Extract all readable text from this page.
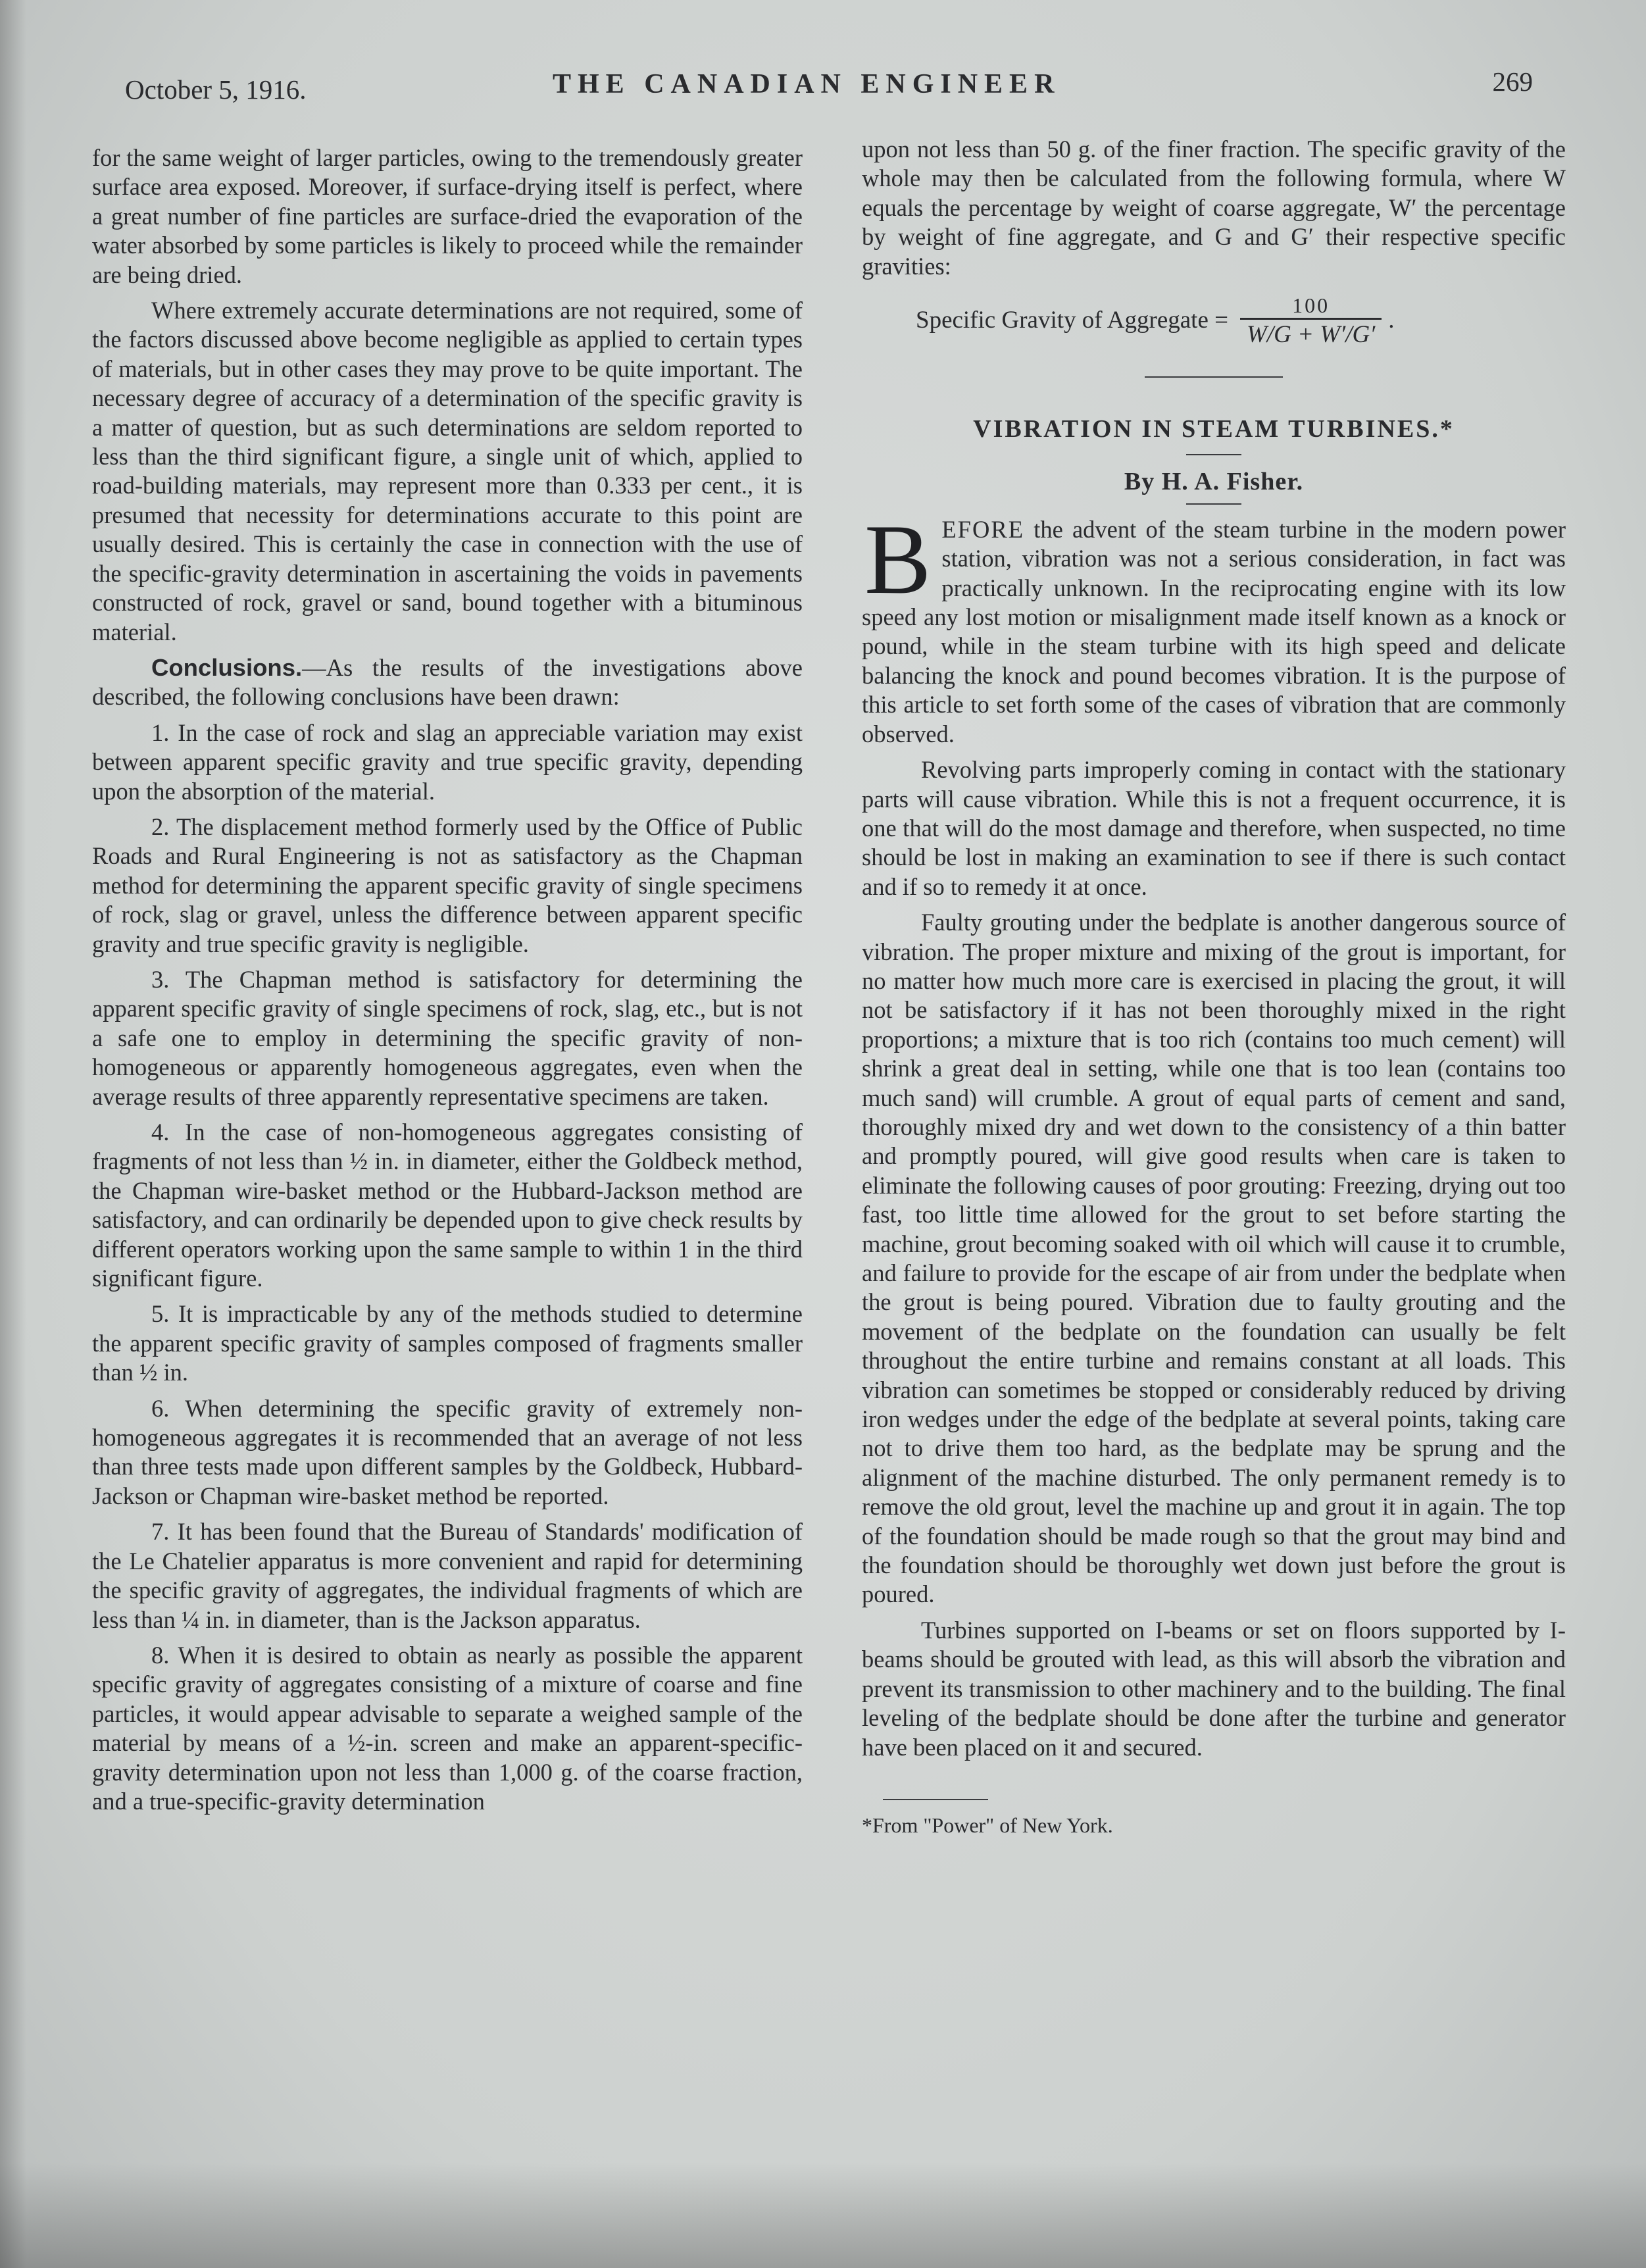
October 5, 1916.	THE CANADIAN ENGINEER	269

for the same weight of larger particles, owing to the tremendously greater surface area exposed. Moreover, if surface-drying itself is perfect, where a great number of fine particles are surface-dried the evaporation of the water absorbed by some particles is likely to proceed while the remainder are being dried.

Where extremely accurate determinations are not required, some of the factors discussed above become negligible as applied to certain types of materials, but in other cases they may prove to be quite important. The necessary degree of accuracy of a determination of the specific gravity is a matter of question, but as such determinations are seldom reported to less than the third significant figure, a single unit of which, applied to road-building materials, may represent more than 0.333 per cent., it is presumed that necessity for determinations accurate to this point are usually desired. This is certainly the case in connection with the use of the specific-gravity determination in ascertaining the voids in pavements constructed of rock, gravel or sand, bound together with a bituminous material.

Conclusions.—As the results of the investigations above described, the following conclusions have been drawn:

1. In the case of rock and slag an appreciable variation may exist between apparent specific gravity and true specific gravity, depending upon the absorption of the material.

2. The displacement method formerly used by the Office of Public Roads and Rural Engineering is not as satisfactory as the Chapman method for determining the apparent specific gravity of single specimens of rock, slag or gravel, unless the difference between apparent specific gravity and true specific gravity is negligible.

3. The Chapman method is satisfactory for determining the apparent specific gravity of single specimens of rock, slag, etc., but is not a safe one to employ in determining the specific gravity of non-homogeneous or apparently homogeneous aggregates, even when the average results of three apparently representative specimens are taken.

4. In the case of non-homogeneous aggregates consisting of fragments of not less than ½ in. in diameter, either the Goldbeck method, the Chapman wire-basket method or the Hubbard-Jackson method are satisfactory, and can ordinarily be depended upon to give check results by different operators working upon the same sample to within 1 in the third significant figure.

5. It is impracticable by any of the methods studied to determine the apparent specific gravity of samples composed of fragments smaller than ½ in.

6. When determining the specific gravity of extremely non-homogeneous aggregates it is recommended that an average of not less than three tests made upon different samples by the Goldbeck, Hubbard-Jackson or Chapman wire-basket method be reported.

7. It has been found that the Bureau of Standards' modification of the Le Chatelier apparatus is more convenient and rapid for determining the specific gravity of aggregates, the individual fragments of which are less than ¼ in. in diameter, than is the Jackson apparatus.

8. When it is desired to obtain as nearly as possible the apparent specific gravity of aggregates consisting of a mixture of coarse and fine particles, it would appear advisable to separate a weighed sample of the material by means of a ½-in. screen and make an apparent-specific-gravity determination upon not less than 1,000 g. of the coarse fraction, and a true-specific-gravity determination

upon not less than 50 g. of the finer fraction. The specific gravity of the whole may then be calculated from the following formula, where W equals the percentage by weight of coarse aggregate, W′ the percentage by weight of fine aggregate, and G and G′ their respective specific gravities:

Specific Gravity of Aggregate = $\frac{100}{W/G + W'/G'}$ .
VIBRATION IN STEAM TURBINES.*
By H. A. Fisher.

BEFORE the advent of the steam turbine in the modern power station, vibration was not a serious consideration, in fact was practically unknown. In the reciprocating engine with its low speed any lost motion or misalignment made itself known as a knock or pound, while in the steam turbine with its high speed and delicate balancing the knock and pound becomes vibration. It is the purpose of this article to set forth some of the cases of vibration that are commonly observed.

Revolving parts improperly coming in contact with the stationary parts will cause vibration. While this is not a frequent occurrence, it is one that will do the most damage and therefore, when suspected, no time should be lost in making an examination to see if there is such contact and if so to remedy it at once.

Faulty grouting under the bedplate is another dangerous source of vibration. The proper mixture and mixing of the grout is important, for no matter how much more care is exercised in placing the grout, it will not be satisfactory if it has not been thoroughly mixed in the right proportions; a mixture that is too rich (contains too much cement) will shrink a great deal in setting, while one that is too lean (contains too much sand) will crumble. A grout of equal parts of cement and sand, thoroughly mixed dry and wet down to the consistency of a thin batter and promptly poured, will give good results when care is taken to eliminate the following causes of poor grouting: Freezing, drying out too fast, too little time allowed for the grout to set before starting the machine, grout becoming soaked with oil which will cause it to crumble, and failure to provide for the escape of air from under the bedplate when the grout is being poured. Vibration due to faulty grouting and the movement of the bedplate on the foundation can usually be felt throughout the entire turbine and remains constant at all loads. This vibration can sometimes be stopped or considerably reduced by driving iron wedges under the edge of the bedplate at several points, taking care not to drive them too hard, as the bedplate may be sprung and the alignment of the machine disturbed. The only permanent remedy is to remove the old grout, level the machine up and grout it in again. The top of the foundation should be made rough so that the grout may bind and the foundation should be thoroughly wet down just before the grout is poured.

Turbines supported on I-beams or set on floors supported by I-beams should be grouted with lead, as this will absorb the vibration and prevent its transmission to other machinery and to the building. The final leveling of the bedplate should be done after the turbine and generator have been placed on it and secured.

*From "Power" of New York.
